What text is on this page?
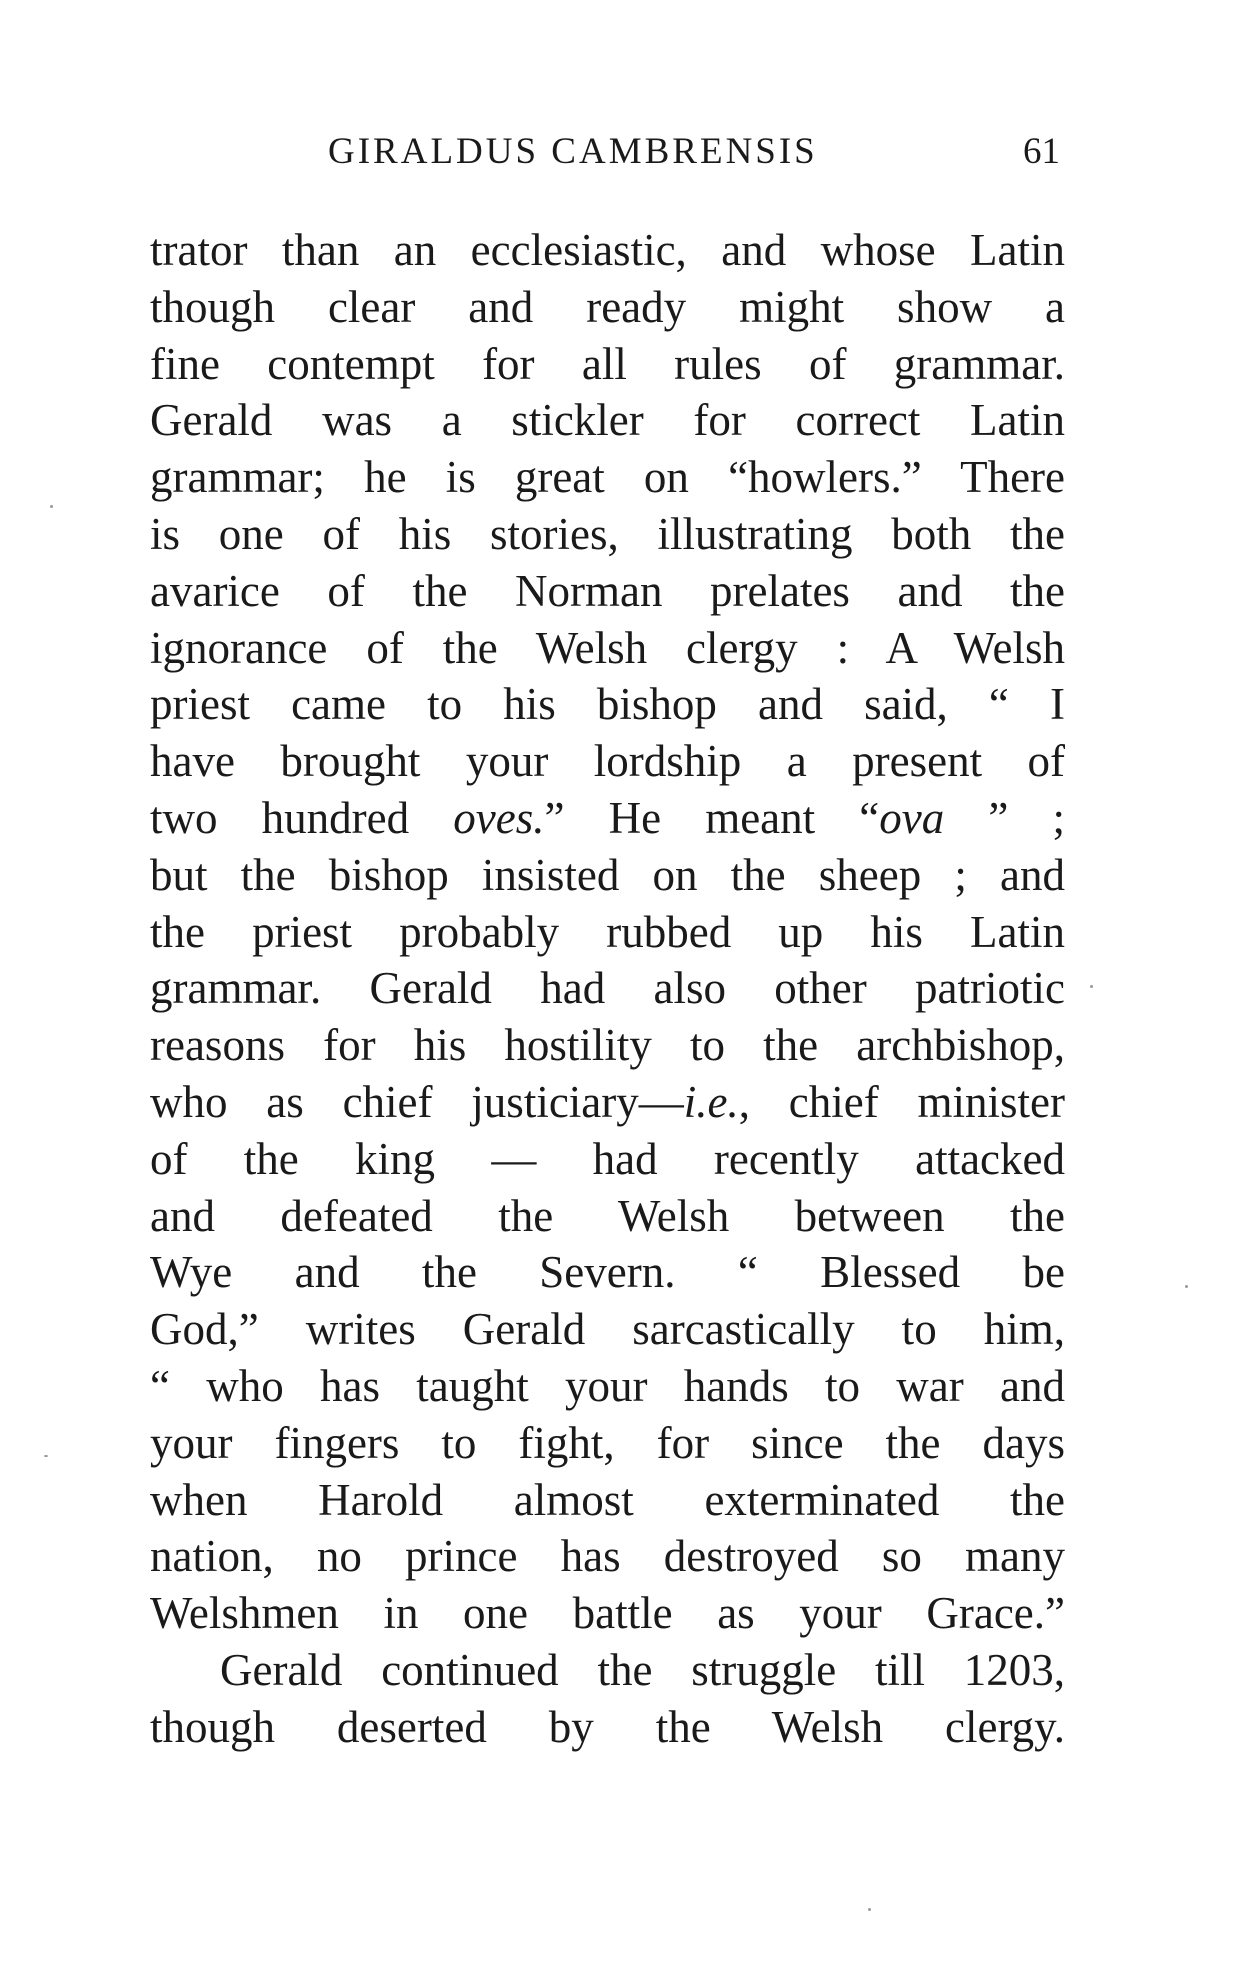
GIRALDUS CAMBRENSIS	61
trator than an ecclesiastic, and whose Latin
though clear and ready might show a
fine contempt for all rules of grammar.
Gerald was a stickler for correct Latin
grammar; he is great on “howlers.” There
is one of his stories, illustrating both the
avarice of the Norman prelates and the
ignorance of the Welsh clergy : A Welsh
priest came to his bishop and said, “ I
have brought your lordship a present of
two hundred oves.” He meant “ova ” ;
but the bishop insisted on the sheep ; and
the priest probably rubbed up his Latin
grammar. Gerald had also other patriotic
reasons for his hostility to the archbishop,
who as chief justiciary—i.e., chief minister
of the king — had recently attacked
and defeated the Welsh between the
Wye and the Severn. “ Blessed be
God,” writes Gerald sarcastically to him,
“ who has taught your hands to war and
your fingers to fight, for since the days
when Harold almost exterminated the
nation, no prince has destroyed so many
Welshmen in one battle as your Grace.”
Gerald continued the struggle till 1203,
though deserted by the Welsh clergy.
